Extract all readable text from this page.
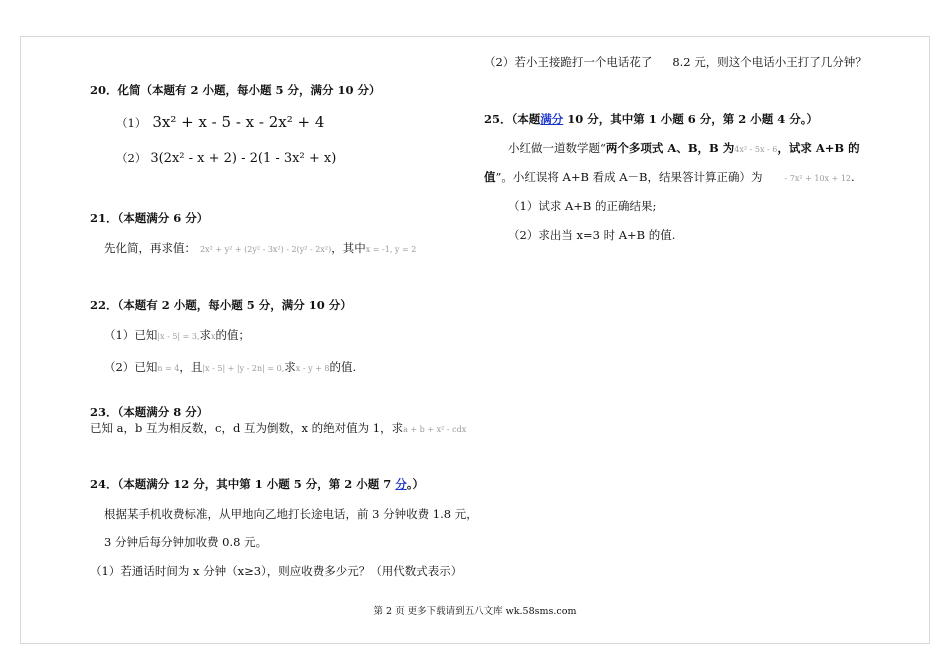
（2）若小王接跪打一个电话花了 8.2 元，则这个电话小王打了几分钟？
20．化简（本题有 2 小题，每小题 5 分，满分 10 分）
（1） 3x² + x - 5 - x - 2x² + 4
（2） 3(2x² - x + 2) - 2(1 - 3x² + x)
21．（本题满分 6 分）
先化简，再求值： 2x² + y² + (2y² - 3x²) - 2(y² - 2x²)，其中x = -1, y = 2
22．（本题有 2 小题，每小题 5 分，满分 10 分）
（1）已知|x - 5| = 3,求x的值；
（2）已知n = 4，且|x - 5| + |y - 2n| = 0,求x - y + 8的值.
23．（本题满分 8 分）
已知 a，b 互为相反数，c，d 互为倒数，x 的绝对值为 1，求a + b + x² - cdx
24．（本题满分 12 分，其中第 1 小题 5 分，第 2 小题 7 分。）
根据某手机收费标准，从甲地向乙地打长途电话，前 3 分钟收费 1.8 元，
3 分钟后每分钟加收费 0.8 元。
（1）若通话时间为 x 分钟（x≥3），则应收费多少元？（用代数式表示）
25．（本题满分 10 分，其中第 1 小题 6 分，第 2 小题 4 分。）
小红做一道数学题“两个多项式 A、B，B 为4x² - 5x - 6，试求 A+B 的
值”。小红误将 A+B 看成 A－B，结果答计算正确）为	- 7x² + 10x + 12.
（1）试求 A+B 的正确结果;
（2）求出当 x=3 时 A+B 的值.
第 2 页 更多下载请到五八文库 wk.58sms.com
